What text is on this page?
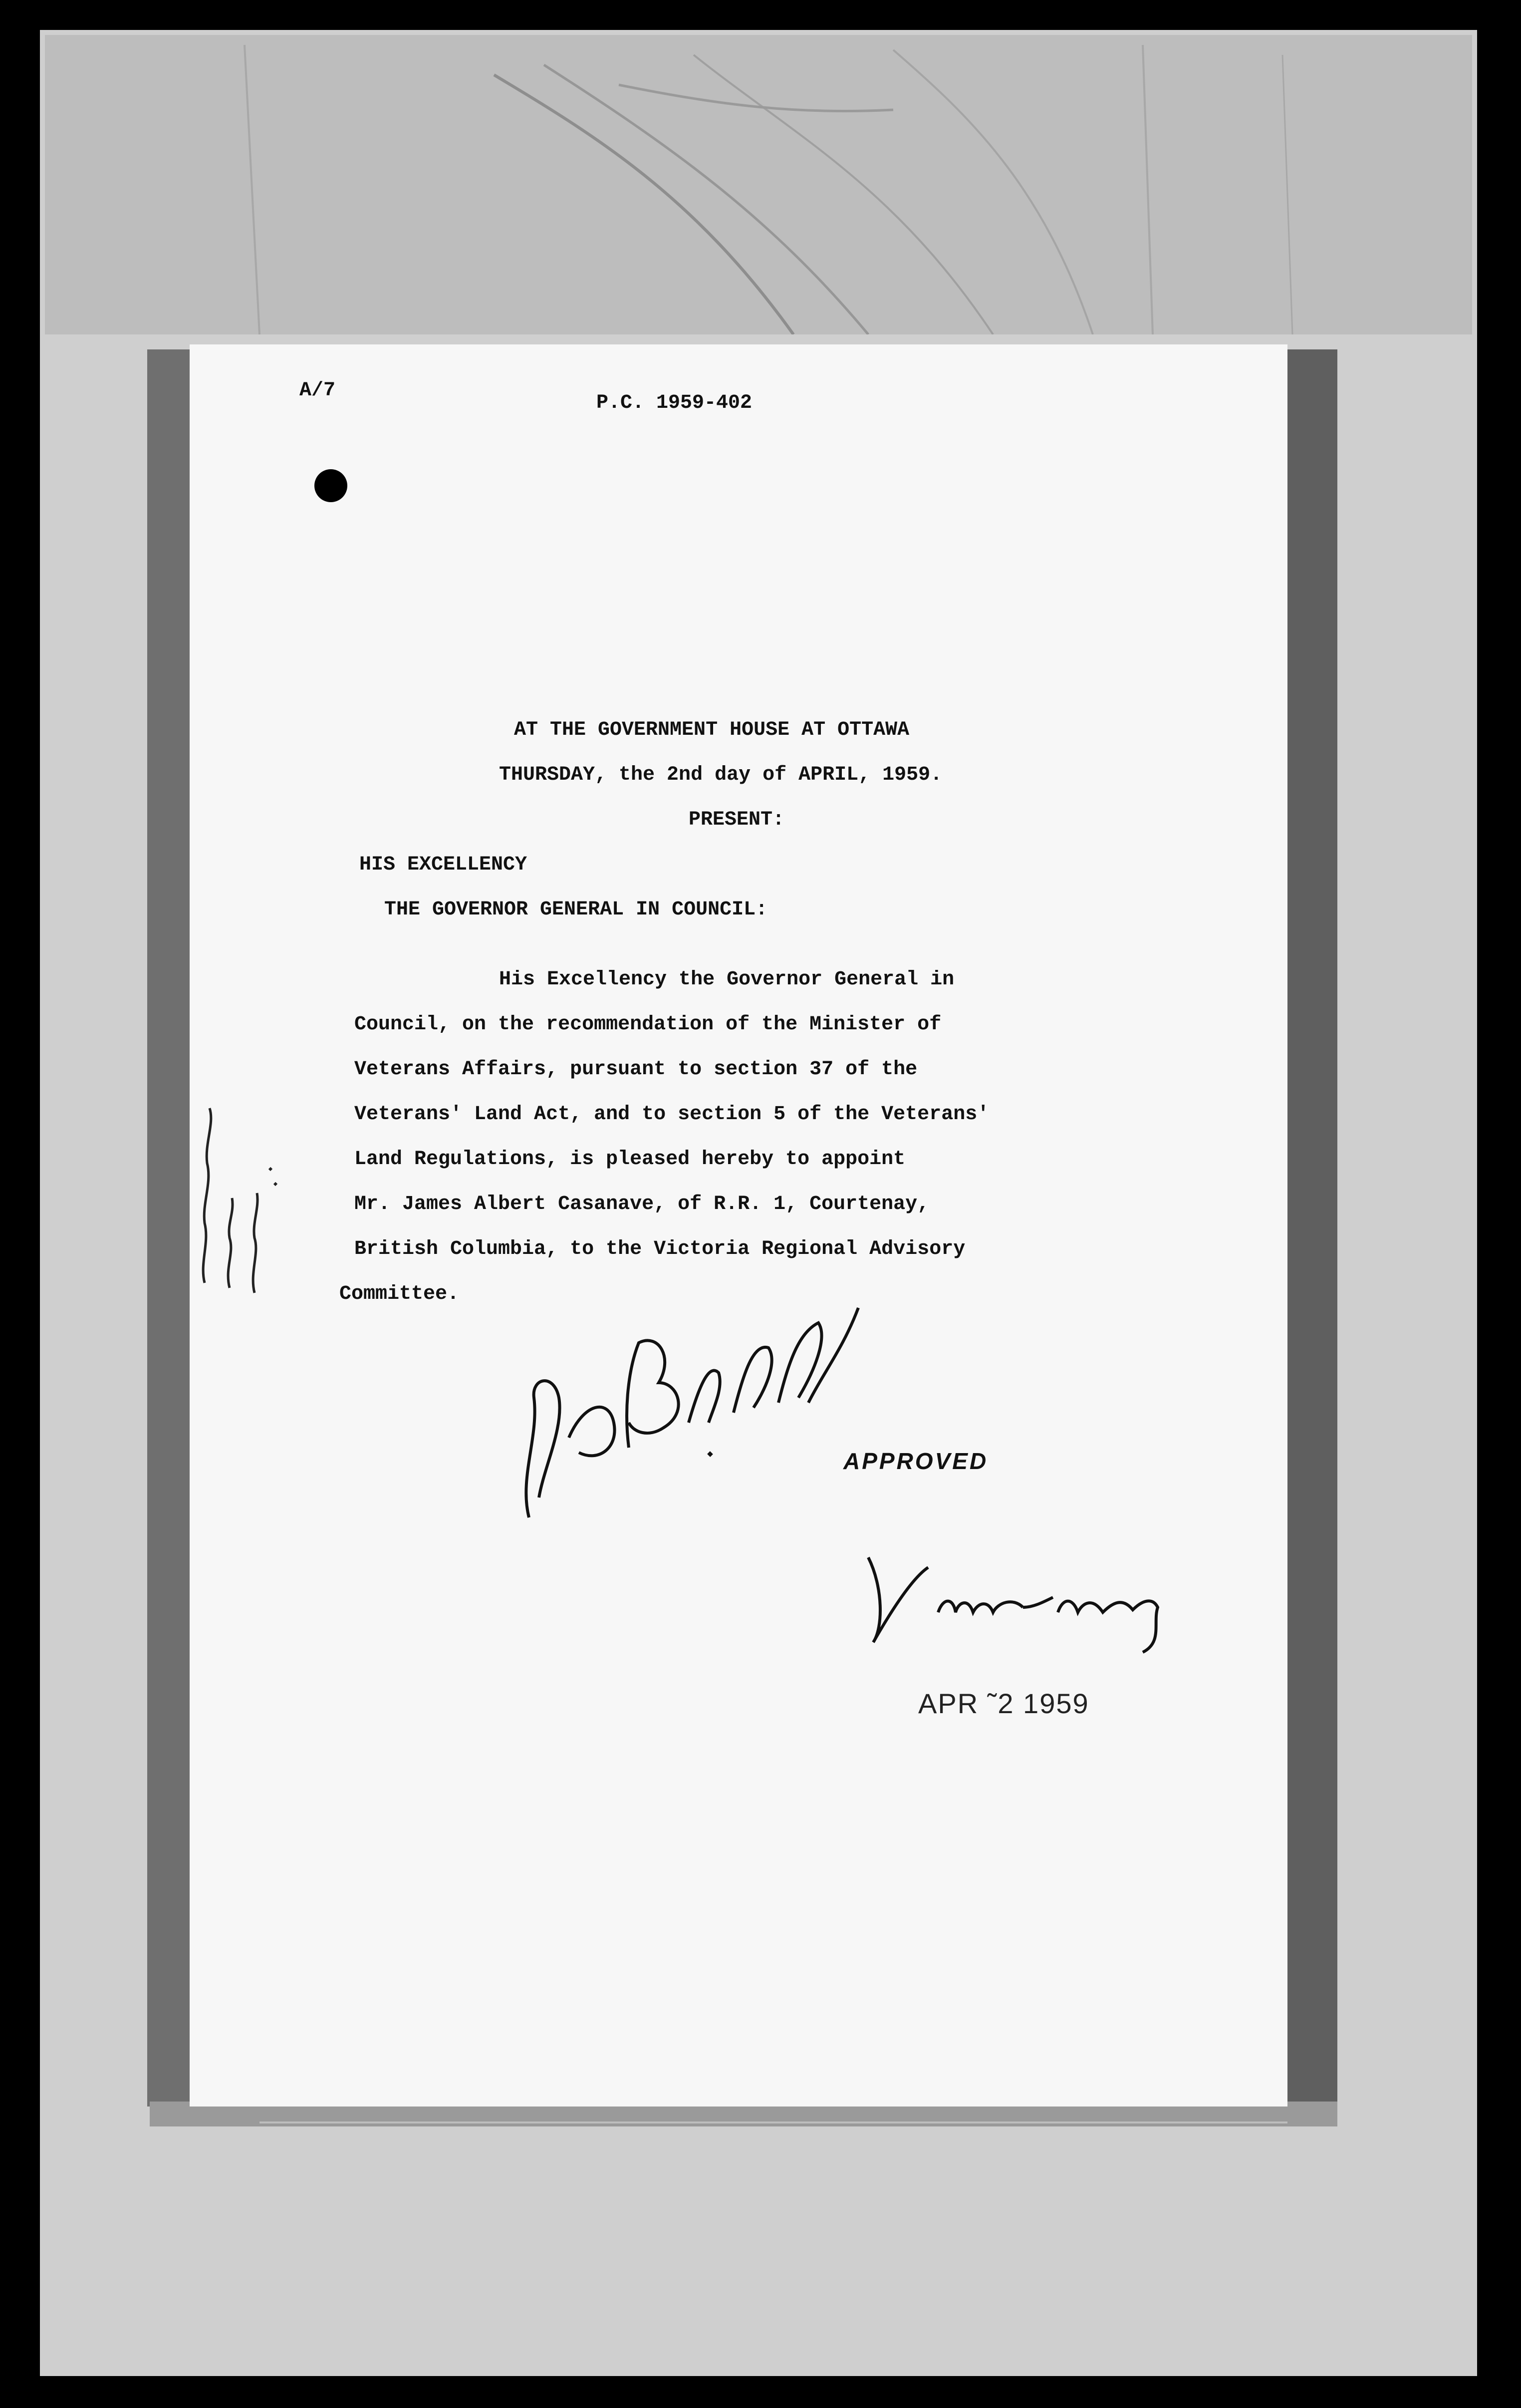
A/7
P.C. 1959-402
AT THE GOVERNMENT HOUSE AT OTTAWA
THURSDAY, the 2nd day of APRIL, 1959.
PRESENT:
HIS EXCELLENCY
THE GOVERNOR GENERAL IN COUNCIL:
His Excellency the Governor General in
Council, on the recommendation of the Minister of
Veterans Affairs, pursuant to section 37 of the
Veterans' Land Act, and to section 5 of the Veterans'
Land Regulations, is pleased hereby to appoint
Mr. James Albert Casanave, of R.R. 1, Courtenay,
British Columbia, to the Victoria Regional Advisory
Committee.
APPROVED
APR ˜2 1959
